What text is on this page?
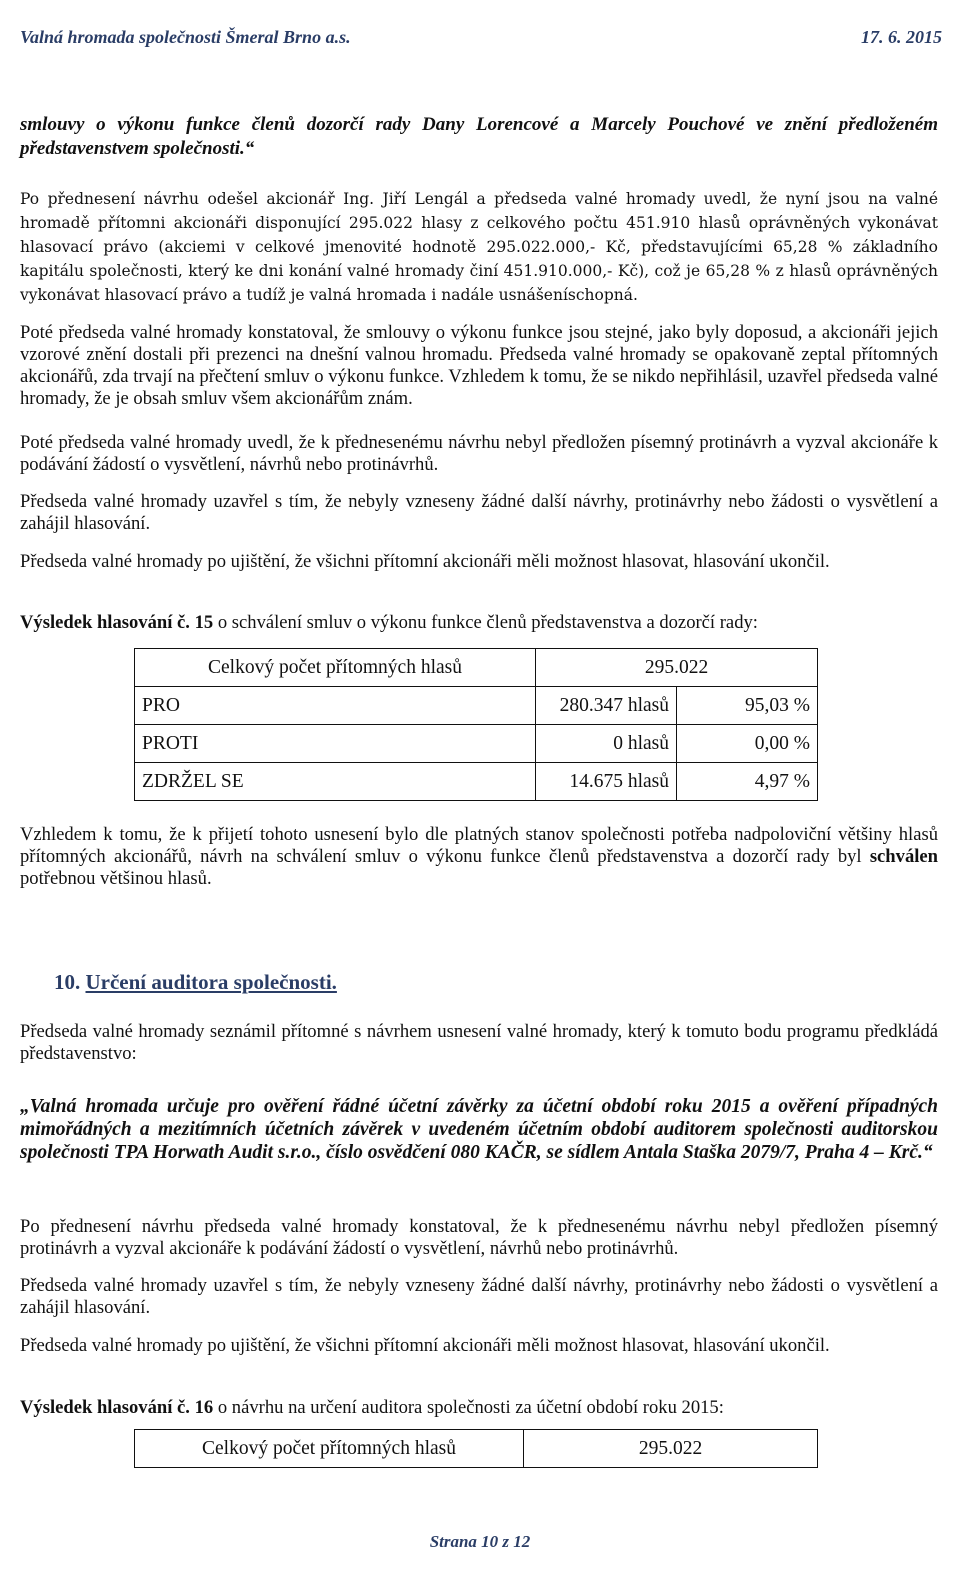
Valná hromada společnosti Šmeral Brno a.s.	17. 6. 2015

smlouvy o výkonu funkce členů dozorčí rady Dany Lorencové a Marcely Pouchové ve znění předloženém představenstvem společnosti.“

Po přednesení návrhu odešel akcionář Ing. Jiří Lengál a předseda valné hromady uvedl, že nyní jsou na valné hromadě přítomni akcionáři disponující 295.022 hlasy z celkového počtu 451.910 hlasů oprávněných vykonávat hlasovací právo (akciemi v celkové jmenovité hodnotě 295.022.000,- Kč, představujícími 65,28 % základního kapitálu společnosti, který ke dni konání valné hromady činí 451.910.000,- Kč), což je 65,28 % z hlasů oprávněných vykonávat hlasovací právo a tudíž je valná hromada i nadále usnášeníschopná.

Poté předseda valné hromady konstatoval, že smlouvy o výkonu funkce jsou stejné, jako byly doposud, a akcionáři jejich vzorové znění dostali při prezenci na dnešní valnou hromadu. Předseda valné hromady se opakovaně zeptal přítomných akcionářů, zda trvají na přečtení smluv o výkonu funkce. Vzhledem k tomu, že se nikdo nepřihlásil, uzavřel předseda valné hromady, že je obsah smluv všem akcionářům znám.

Poté předseda valné hromady uvedl, že k přednesenému návrhu nebyl předložen písemný protinávrh a vyzval akcionáře k podávání žádostí o vysvětlení, návrhů nebo protinávrhů.

Předseda valné hromady uzavřel s tím, že nebyly vzneseny žádné další návrhy, protinávrhy nebo žádosti o vysvětlení a zahájil hlasování.

Předseda valné hromady po ujištění, že všichni přítomní akcionáři měli možnost hlasovat, hlasování ukončil.

Výsledek hlasování č. 15 o schválení smluv o výkonu funkce členů představenstva a dozorčí rady:

Celkový počet přítomných hlasů	295.022	
PRO	280.347 hlasů	95,03 %
PROTI	0 hlasů	0,00 %
ZDRŽEL SE	14.675 hlasů	4,97 %

Vzhledem k tomu, že k přijetí tohoto usnesení bylo dle platných stanov společnosti potřeba nadpoloviční většiny hlasů přítomných akcionářů, návrh na schválení smluv o výkonu funkce členů představenstva a dozorčí rady byl schválen potřebnou většinou hlasů.

10. Určení auditora společnosti.

Předseda valné hromady seznámil přítomné s návrhem usnesení valné hromady, který k tomuto bodu programu předkládá představenstvo:

„Valná hromada určuje pro ověření řádné účetní závěrky za účetní období roku 2015 a ověření případných mimořádných a mezitímních účetních závěrek v uvedeném účetním období auditorem společnosti auditorskou společnosti TPA Horwath Audit s.r.o., číslo osvědčení 080 KAČR, se sídlem Antala Staška 2079/7, Praha 4 – Krč.“

Po přednesení návrhu předseda valné hromady konstatoval, že k přednesenému návrhu nebyl předložen písemný protinávrh a vyzval akcionáře k podávání žádostí o vysvětlení, návrhů nebo protinávrhů.

Předseda valné hromady uzavřel s tím, že nebyly vzneseny žádné další návrhy, protinávrhy nebo žádosti o vysvětlení a zahájil hlasování.

Předseda valné hromady po ujištění, že všichni přítomní akcionáři měli možnost hlasovat, hlasování ukončil.

Výsledek hlasování č. 16 o návrhu na určení auditora společnosti za účetní období roku 2015:

Celkový počet přítomných hlasů	295.022
Strana 10 z 12
